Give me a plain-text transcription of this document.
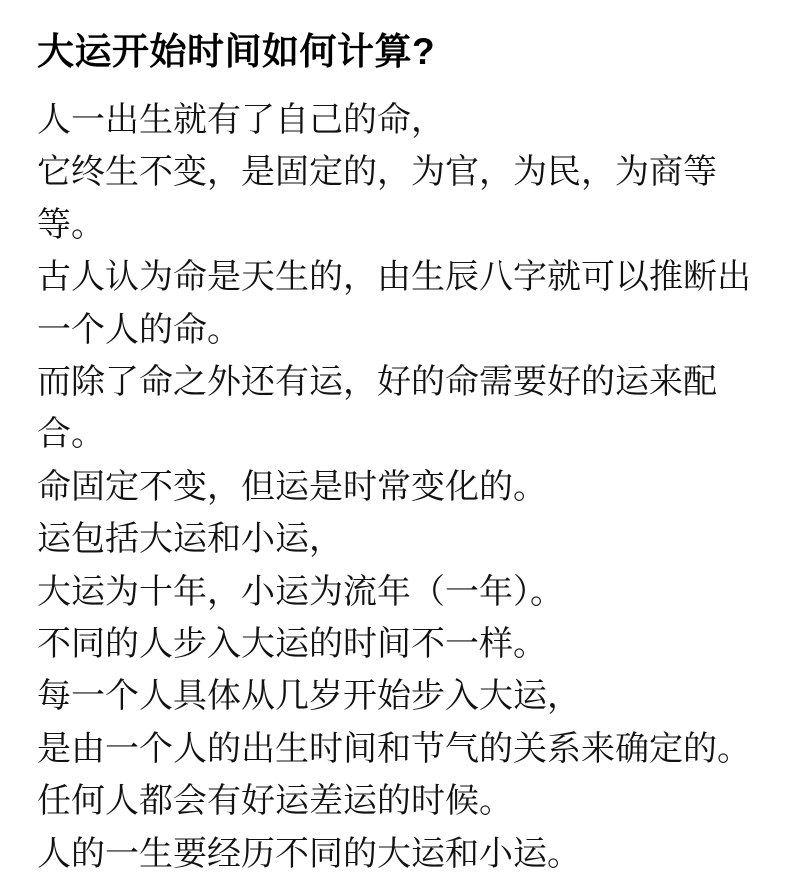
大运开始时间如何计算?
人一出生就有了自己的命，
它终生不变，是固定的，为官，为民，为商等等。
古人认为命是天生的，由生辰八字就可以推断出一个人的命。
而除了命之外还有运，好的命需要好的运来配合。
命固定不变，但运是时常变化的。
运包括大运和小运，
大运为十年，小运为流年（一年）。
不同的人步入大运的时间不一样。
每一个人具体从几岁开始步入大运，
是由一个人的出生时间和节气的关系来确定的。
任何人都会有好运差运的时候。
人的一生要经历不同的大运和小运。
